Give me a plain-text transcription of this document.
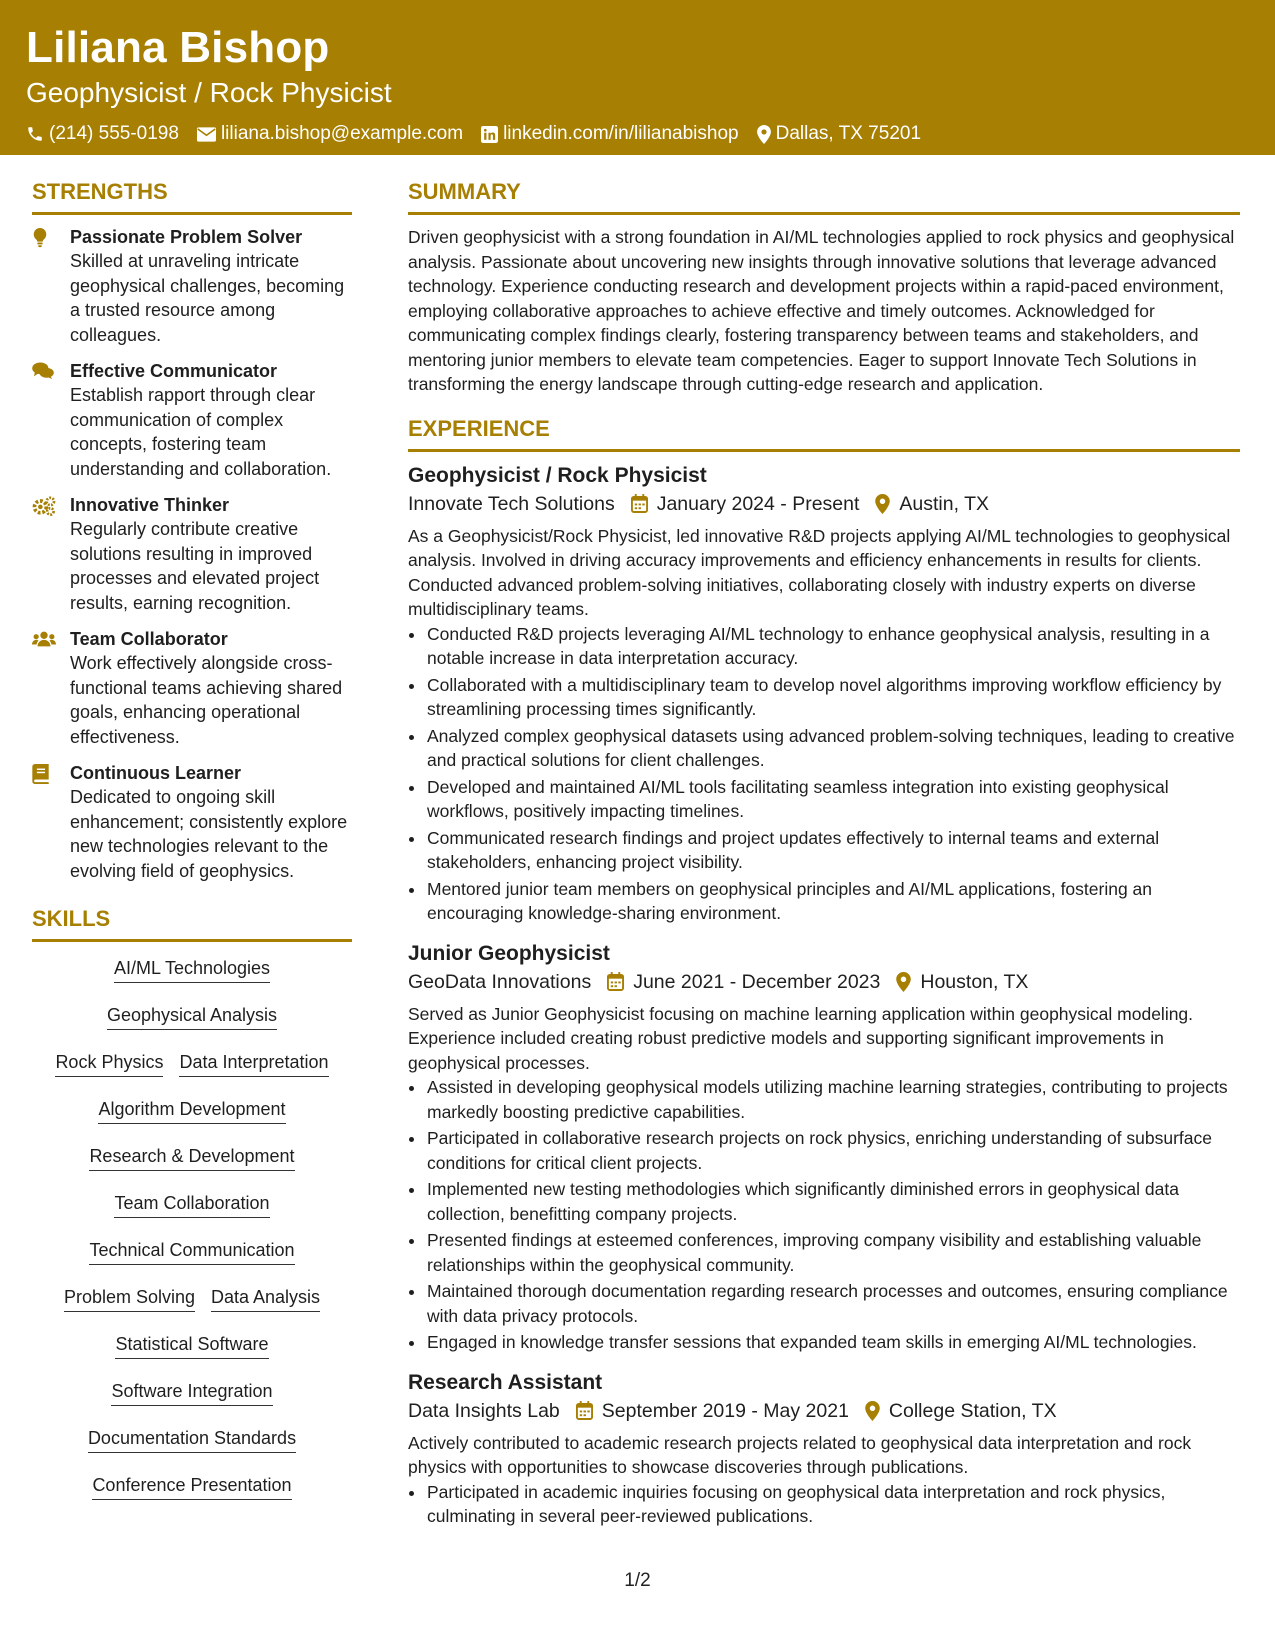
Liliana Bishop
Geophysicist / Rock Physicist
(214) 555-0198 liliana.bishop@example.com linkedin.com/in/lilianabishop Dallas, TX 75201
STRENGTHS
Passionate Problem Solver
Skilled at unraveling intricate geophysical challenges, becoming a trusted resource among colleagues.
Effective Communicator
Establish rapport through clear communication of complex concepts, fostering team understanding and collaboration.
Innovative Thinker
Regularly contribute creative solutions resulting in improved processes and elevated project results, earning recognition.
Team Collaborator
Work effectively alongside cross-functional teams achieving shared goals, enhancing operational effectiveness.
Continuous Learner
Dedicated to ongoing skill enhancement; consistently explore new technologies relevant to the evolving field of geophysics.
SKILLS
AI/ML Technologies
Geophysical Analysis
Rock Physics Data Interpretation
Algorithm Development
Research & Development
Team Collaboration
Technical Communication
Problem Solving Data Analysis
Statistical Software
Software Integration
Documentation Standards
Conference Presentation
SUMMARY
Driven geophysicist with a strong foundation in AI/ML technologies applied to rock physics and geophysical analysis. Passionate about uncovering new insights through innovative solutions that leverage advanced technology. Experience conducting research and development projects within a rapid-paced environment, employing collaborative approaches to achieve effective and timely outcomes. Acknowledged for communicating complex findings clearly, fostering transparency between teams and stakeholders, and mentoring junior members to elevate team competencies. Eager to support Innovate Tech Solutions in transforming the energy landscape through cutting-edge research and application.
EXPERIENCE
Geophysicist / Rock Physicist
Innovate Tech Solutions January 2024 - Present Austin, TX
As a Geophysicist/Rock Physicist, led innovative R&D projects applying AI/ML technologies to geophysical analysis. Involved in driving accuracy improvements and efficiency enhancements in results for clients. Conducted advanced problem-solving initiatives, collaborating closely with industry experts on diverse multidisciplinary teams.
• Conducted R&D projects leveraging AI/ML technology to enhance geophysical analysis, resulting in a notable increase in data interpretation accuracy.
• Collaborated with a multidisciplinary team to develop novel algorithms improving workflow efficiency by streamlining processing times significantly.
• Analyzed complex geophysical datasets using advanced problem-solving techniques, leading to creative and practical solutions for client challenges.
• Developed and maintained AI/ML tools facilitating seamless integration into existing geophysical workflows, positively impacting timelines.
• Communicated research findings and project updates effectively to internal teams and external stakeholders, enhancing project visibility.
• Mentored junior team members on geophysical principles and AI/ML applications, fostering an encouraging knowledge-sharing environment.
Junior Geophysicist
GeoData Innovations June 2021 - December 2023 Houston, TX
Served as Junior Geophysicist focusing on machine learning application within geophysical modeling. Experience included creating robust predictive models and supporting significant improvements in geophysical processes.
• Assisted in developing geophysical models utilizing machine learning strategies, contributing to projects markedly boosting predictive capabilities.
• Participated in collaborative research projects on rock physics, enriching understanding of subsurface conditions for critical client projects.
• Implemented new testing methodologies which significantly diminished errors in geophysical data collection, benefitting company projects.
• Presented findings at esteemed conferences, improving company visibility and establishing valuable relationships within the geophysical community.
• Maintained thorough documentation regarding research processes and outcomes, ensuring compliance with data privacy protocols.
• Engaged in knowledge transfer sessions that expanded team skills in emerging AI/ML technologies.
Research Assistant
Data Insights Lab September 2019 - May 2021 College Station, TX
Actively contributed to academic research projects related to geophysical data interpretation and rock physics with opportunities to showcase discoveries through publications.
• Participated in academic inquiries focusing on geophysical data interpretation and rock physics, culminating in several peer-reviewed publications.
1/2
